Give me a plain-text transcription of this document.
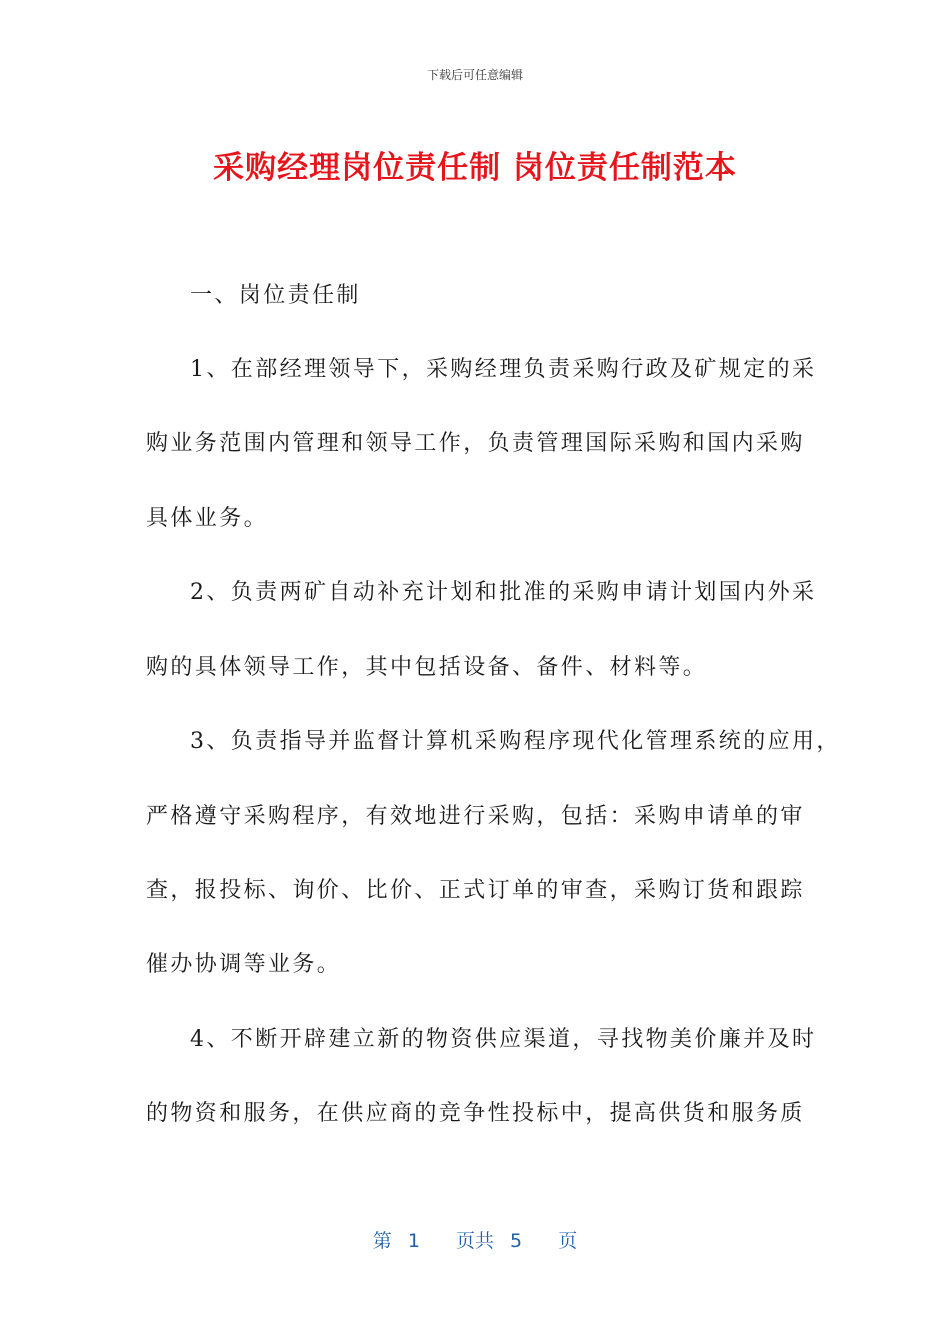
下载后可任意编辑
采购经理岗位责任制 岗位责任制范本
一、岗位责任制
1、在部经理领导下，采购经理负责采购行政及矿规定的采
购业务范围内管理和领导工作，负责管理国际采购和国内采购
具体业务。
2、负责两矿自动补充计划和批准的采购申请计划国内外采
购的具体领导工作，其中包括设备、备件、材料等。
3、负责指导并监督计算机采购程序现代化管理系统的应用，
严格遵守采购程序，有效地进行采购，包括：采购申请单的审
查，报投标、询价、比价、正式订单的审查，采购订货和跟踪
催办协调等业务。
4、不断开辟建立新的物资供应渠道，寻找物美价廉并及时
的物资和服务，在供应商的竞争性投标中，提高供货和服务质
第 1 页共 5 页
